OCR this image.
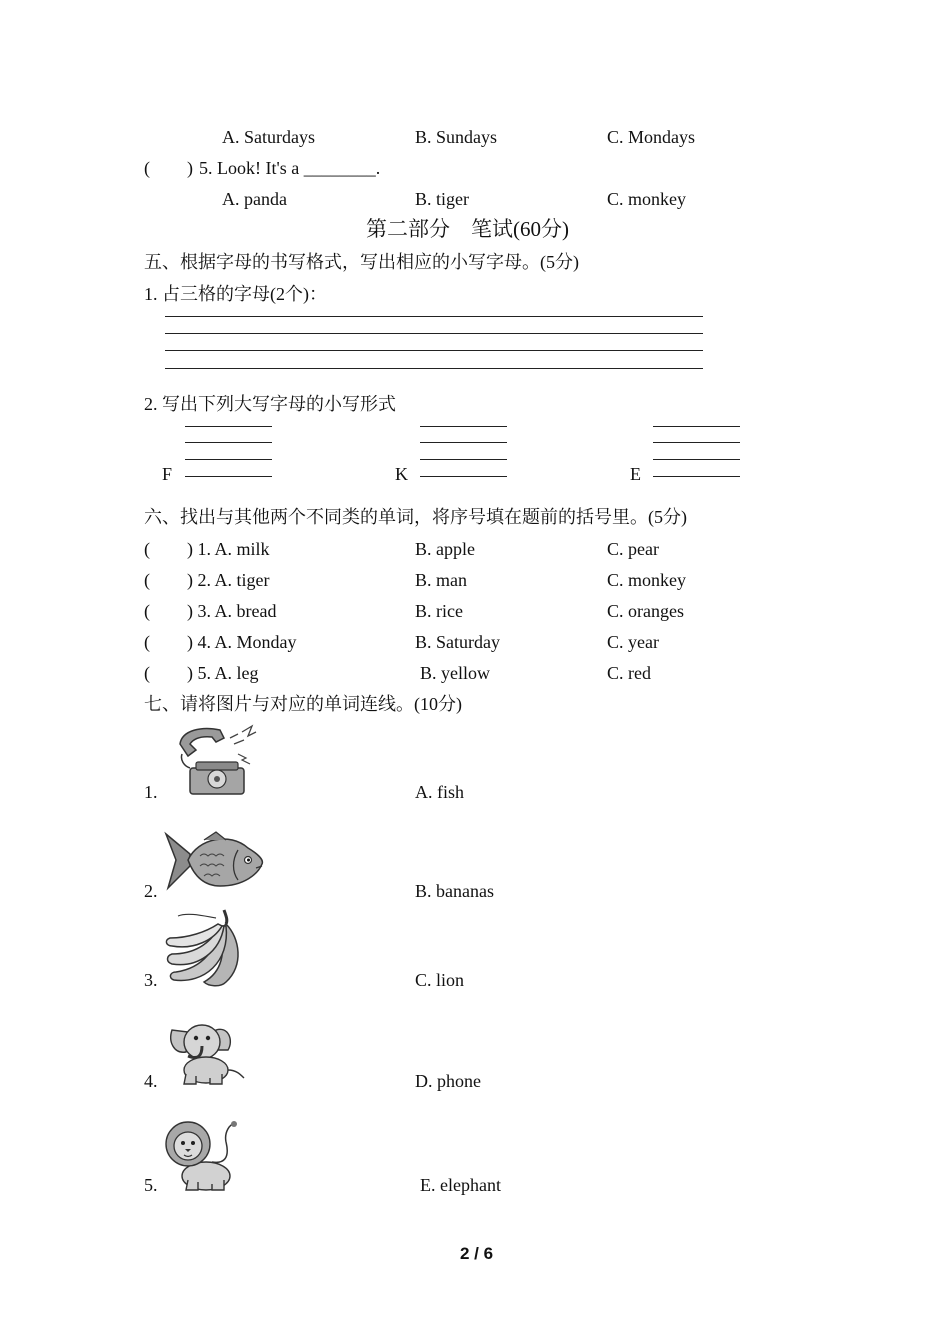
A. Saturdays	B. Sundays	C. Mondays
( ) 5. Look! It's a ________.
A. panda	B. tiger	C. monkey
第二部分　笔试(60分)
五、根据字母的书写格式，写出相应的小写字母。(5分)
1. 占三格的字母(2个)：
2. 写出下列大写字母的小写形式
F	K	E
六、找出与其他两个不同类的单词，将序号填在题前的括号里。(5分)
( ) 1. A. milk	B. apple	C. pear
( ) 2. A. tiger	B. man	C. monkey
( ) 3. A. bread	B. rice	C. oranges
( ) 4. A. Monday	B. Saturday	C. year
( ) 5. A. leg	B. yellow	C. red
七、请将图片与对应的单词连线。(10分)
1.	A. fish
2.	B. bananas
3.	C. lion
4.	D. phone
5.	E. elephant
2 / 6
